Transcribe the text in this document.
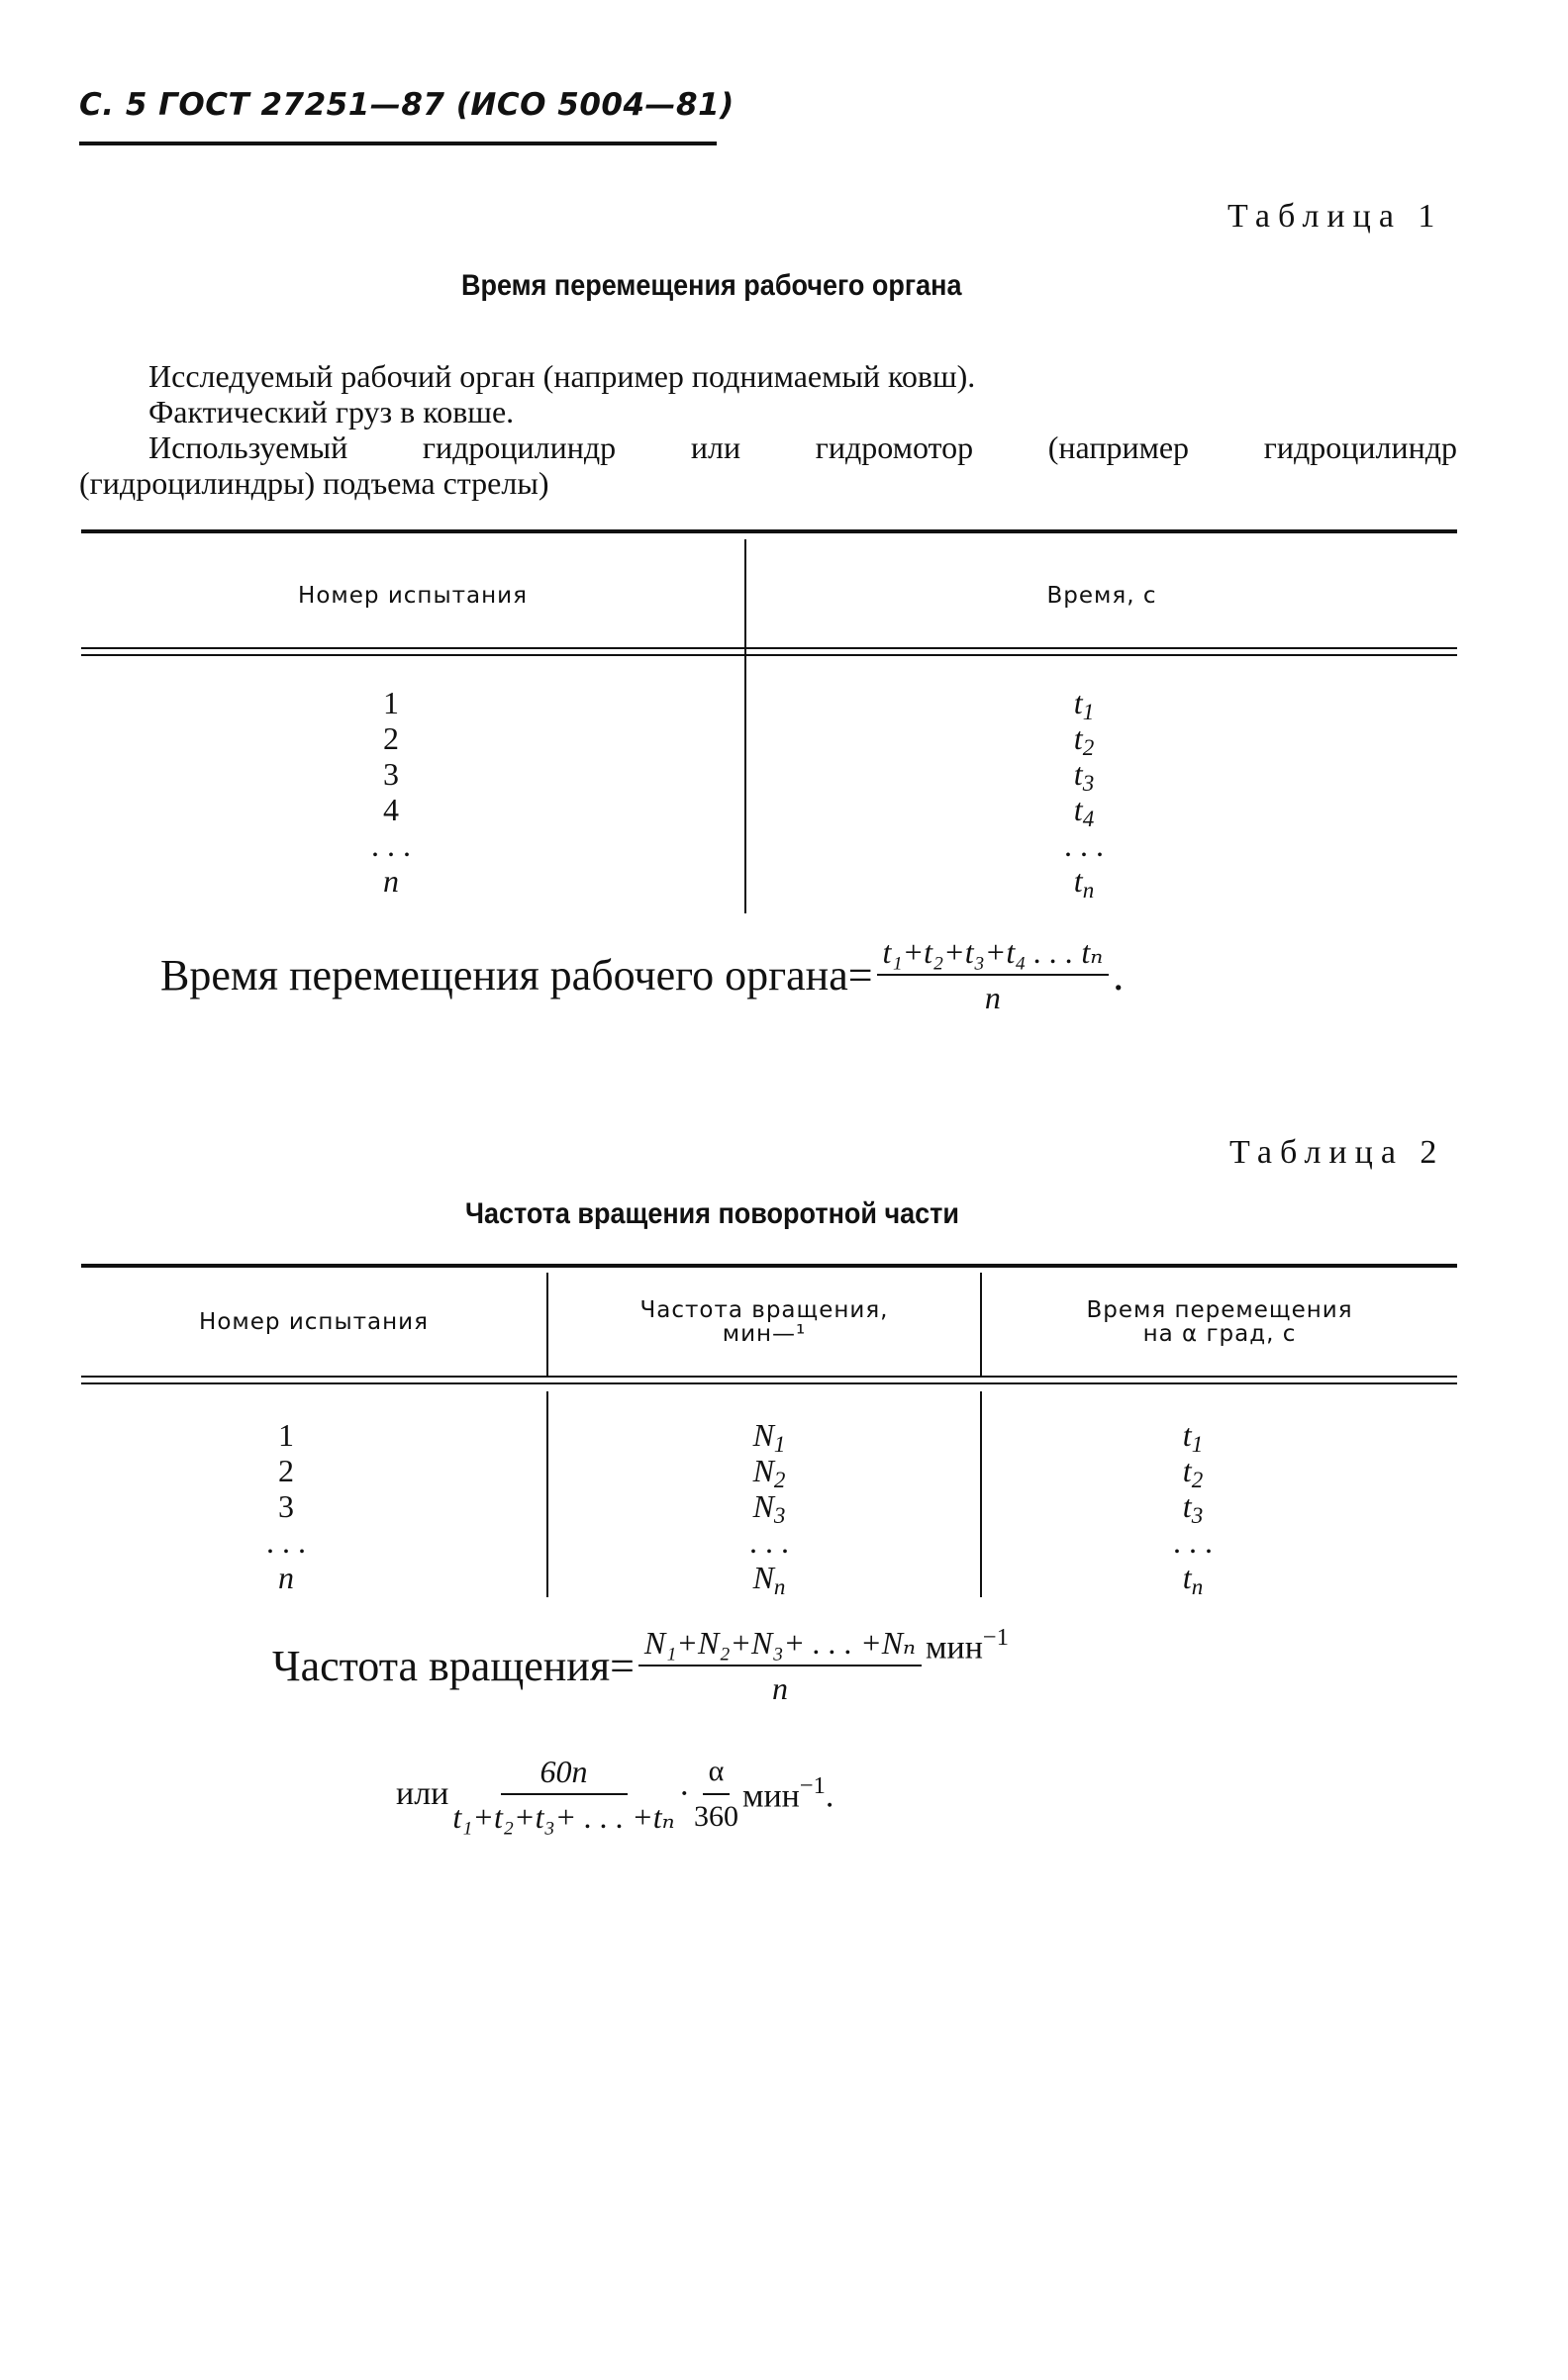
С. 5 ГОСТ 27251—87 (ИСО 5004—81)
Таблица 1
Время перемещения рабочего органа
Исследуемый рабочий орган (например поднимаемый ковш).
Фактический груз в ковше.
Используемый гидроцилиндр или гидромотор (например гидроцилиндр
(гидроцилиндры) подъема стрелы)
Номер испытания	Время, с
1
2
3
4
. . .
n
$t_1$
$t_2$
$t_3$
$t_4$
. . .
$t_n$
Время перемещения рабочего органа = $\frac{\text{t₁+t₂+t₃+t₄ . . . tₙ}}{n}$ .
Таблица 2
Частота вращения поворотной части
Номер испытания	Частота вращения,
мин—¹
Время перемещения
на α град, с
1
2
3
. . .
n
$N_1$
$N_2$
$N_3$
. . .
$N_n$
$t_1$
$t_2$
$t_3$
. . .
$t_n$
Частота вращения = $\frac{\text{N₁+N₂+N₃+ . . . +Nₙ}}{n} мин^{-1}$
или $\frac{60n}{\text{t₁+t₂+t₃+ . . . +tₙ}} \cdot \frac{\alpha}{360} мин^{-1}$.
